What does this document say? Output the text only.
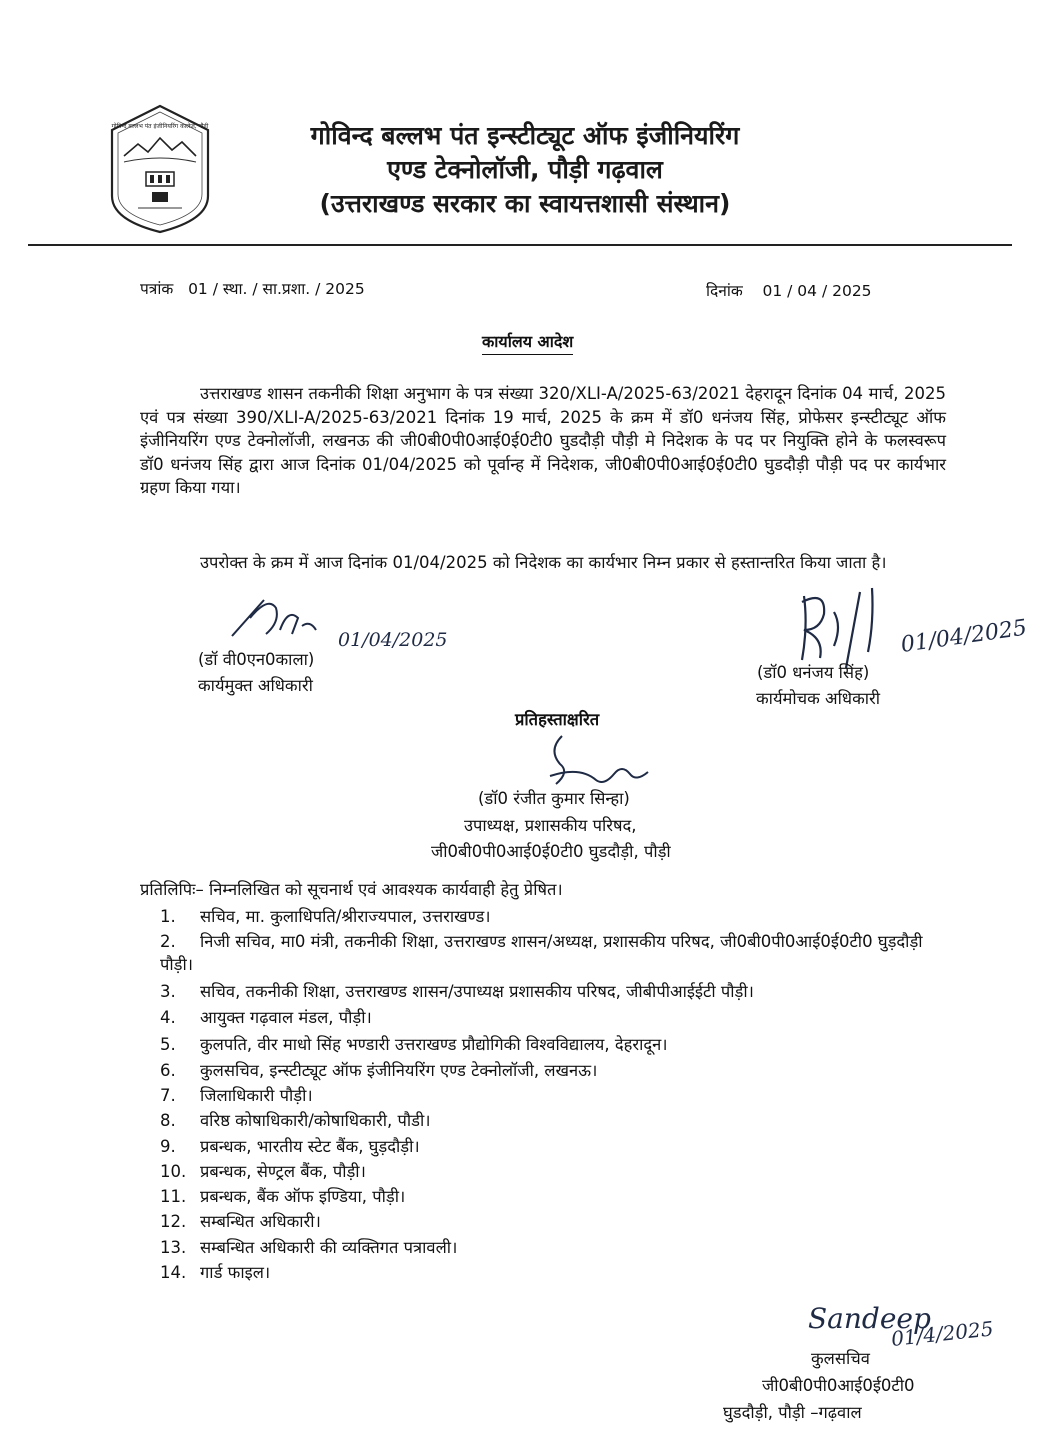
गोविन्द बल्लभ पंत इंजीनियरिंग कालेज, पौड़ी	गोविन्द बल्लभ पंत इन्स्टीट्यूट ऑफ इंजीनियरिंग
एण्ड टेक्नोलॉजी, पौड़ी गढ़वाल
(उत्तराखण्ड सरकार का स्वायत्तशासी संस्थान)
पत्रांक 01 / स्था. / सा.प्रशा. / 2025	दिनांक 01 / 04 / 2025
कार्यालय आदेश
उत्तराखण्ड शासन तकनीकी शिक्षा अनुभाग के पत्र संख्या 320/XLI-A/2025-63/2021 देहरादून दिनांक 04 मार्च, 2025 एवं पत्र संख्या 390/XLI-A/2025-63/2021 दिनांक 19 मार्च, 2025 के क्रम में डॉ0 धनंजय सिंह, प्रोफेसर इन्स्टीट्यूट ऑफ इंजीनियरिंग एण्ड टेक्नोलॉजी, लखनऊ की जी0बी0पी0आई0ई0टी0 घुडदौड़ी पौड़ी मे निदेशक के पद पर नियुक्ति होने के फलस्वरूप डॉ0 धनंजय सिंह द्वारा आज दिनांक 01/04/2025 को पूर्वान्ह में निदेशक, जी0बी0पी0आई0ई0टी0 घुडदौड़ी पौड़ी पद पर कार्यभार ग्रहण किया गया।
उपरोक्त के क्रम में आज दिनांक 01/04/2025 को निदेशक का कार्यभार निम्न प्रकार से हस्तान्तरित किया जाता है।
01/04/2025
(डॉ वी0एन0काला)
कार्यमुक्त अधिकारी
01/04/2025
(डॉ0 धनंजय सिंह)
कार्यमोचक अधिकारी
प्रतिहस्ताक्षरित
(डॉ0 रंजीत कुमार सिन्हा)
उपाध्यक्ष, प्रशासकीय परिषद,
जी0बी0पी0आई0ई0टी0 घुडदौड़ी, पौड़ी
प्रतिलिपिः– निम्नलिखित को सूचनार्थ एवं आवश्यक कार्यवाही हेतु प्रेषित।
1. सचिव, मा. कुलाधिपति/श्रीराज्यपाल, उत्तराखण्ड।
2. निजी सचिव, मा0 मंत्री, तकनीकी शिक्षा, उत्तराखण्ड शासन/अध्यक्ष, प्रशासकीय परिषद, जी0बी0पी0आई0ई0टी0 घुड़दौड़ी पौड़ी।
3. सचिव, तकनीकी शिक्षा, उत्तराखण्ड शासन/उपाध्यक्ष प्रशासकीय परिषद, जीबीपीआईईटी पौड़ी।
4. आयुक्त गढ़वाल मंडल, पौड़ी।
5. कुलपति, वीर माधो सिंह भण्डारी उत्तराखण्ड प्रौद्योगिकी विश्वविद्यालय, देहरादून।
6. कुलसचिव, इन्स्टीट्यूट ऑफ इंजीनियरिंग एण्ड टेक्नोलॉजी, लखनऊ।
7. जिलाधिकारी पौड़ी।
8. वरिष्ठ कोषाधिकारी/कोषाधिकारी, पौडी।
9. प्रबन्धक, भारतीय स्टेट बैंक, घुड़दौड़ी।
10. प्रबन्धक, सेण्ट्रल बैंक, पौड़ी।
11. प्रबन्धक, बैंक ऑफ इण्डिया, पौड़ी।
12. सम्बन्धित अधिकारी।
13. सम्बन्धित अधिकारी की व्यक्तिगत पत्रावली।
14. गार्ड फाइल।
Sandeep
01/4/2025
कुलसचिव
जी0बी0पी0आई0ई0टी0
घुडदौड़ी, पौड़ी –गढ़वाल
